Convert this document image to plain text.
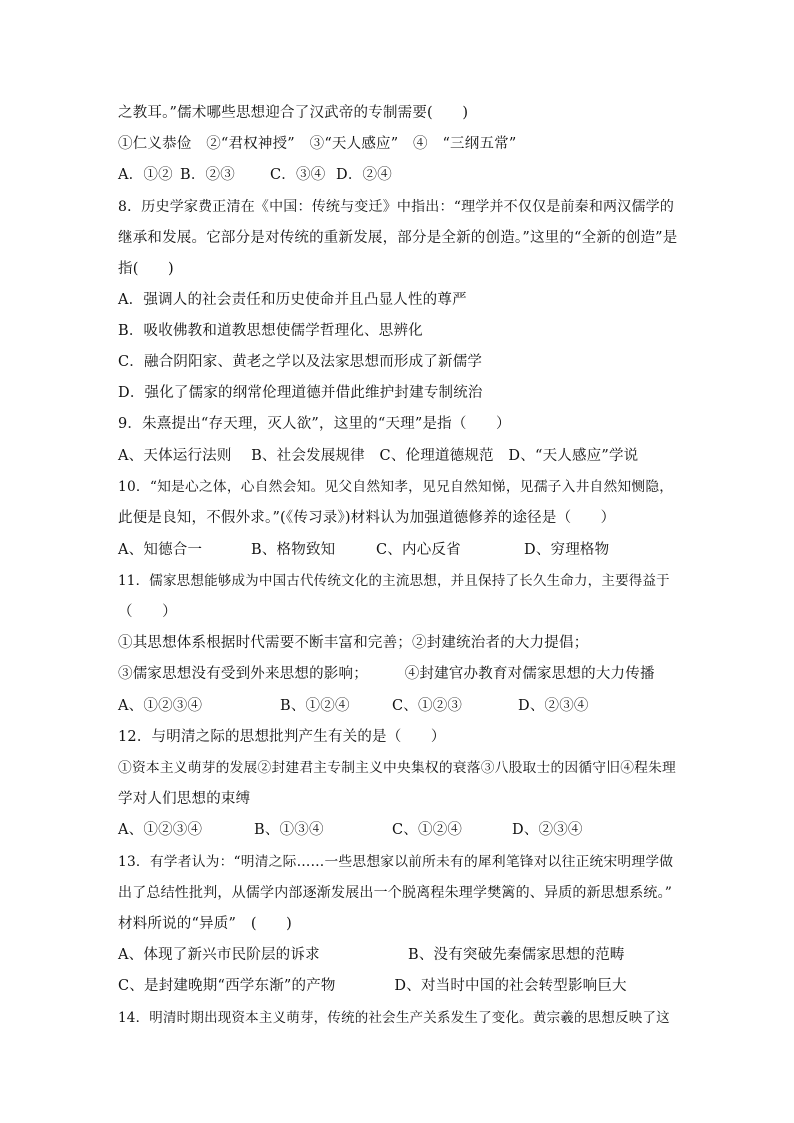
之教耳。”儒术哪些思想迎合了汉武帝的专制需要(　　)
①仁义恭俭　②“君权神授”　③“天人感应”　④　“三纲五常”
A．①② B．②③ C．③④ D．②④
8．历史学家费正清在《中国：传统与变迁》中指出：“理学并不仅仅是前秦和两汉儒学的
继承和发展。它部分是对传统的重新发展，部分是全新的创造。”这里的“全新的创造”是
指(　　)
A．强调人的社会责任和历史使命并且凸显人性的尊严
B．吸收佛教和道教思想使儒学哲理化、思辨化
C．融合阴阳家、黄老之学以及法家思想而形成了新儒学
D．强化了儒家的纲常伦理道德并借此维护封建专制统治
9．朱熹提出“存天理，灭人欲”，这里的“天理”是指（　　）
A、天体运行法则　 B、社会发展规律　C、伦理道德规范　D、“天人感应”学说
10．“知是心之体，心自然会知。见父自然知孝，见兄自然知悌，见孺子入井自然知恻隐，
此便是良知，不假外求。”(《传习录》)材料认为加强道德修养的途径是（　　）
A、知德合一	B、格物致知	C、内心反省	D、穷理格物
11．儒家思想能够成为中国古代传统文化的主流思想，并且保持了长久生命力，主要得益于
（　　）
①其思想体系根据时代需要不断丰富和完善；②封建统治者的大力提倡；
③儒家思想没有受到外来思想的影响；　　　④封建官办教育对儒家思想的大力传播
A、①②③④	B、①②④	C、①②③	D、②③④
12．与明清之际的思想批判产生有关的是（　　）
①资本主义萌芽的发展②封建君主专制主义中央集权的衰落③八股取士的因循守旧④程朱理
学对人们思想的束缚
A、①②③④	B、①③④	C、①②④	D、②③④
13．有学者认为：“明清之际……一些思想家以前所未有的犀利笔锋对以往正统宋明理学做
出了总结性批判，从儒学内部逐渐发展出一个脱离程朱理学樊篱的、异质的新思想系统。”
材料所说的“异质”　(　　)
A、体现了新兴市民阶层的诉求　　　　　　B、没有突破先秦儒家思想的范畴
C、是封建晚期“西学东渐”的产物　　　　D、对当时中国的社会转型影响巨大
14．明清时期出现资本主义萌芽，传统的社会生产关系发生了变化。黄宗羲的思想反映了这
